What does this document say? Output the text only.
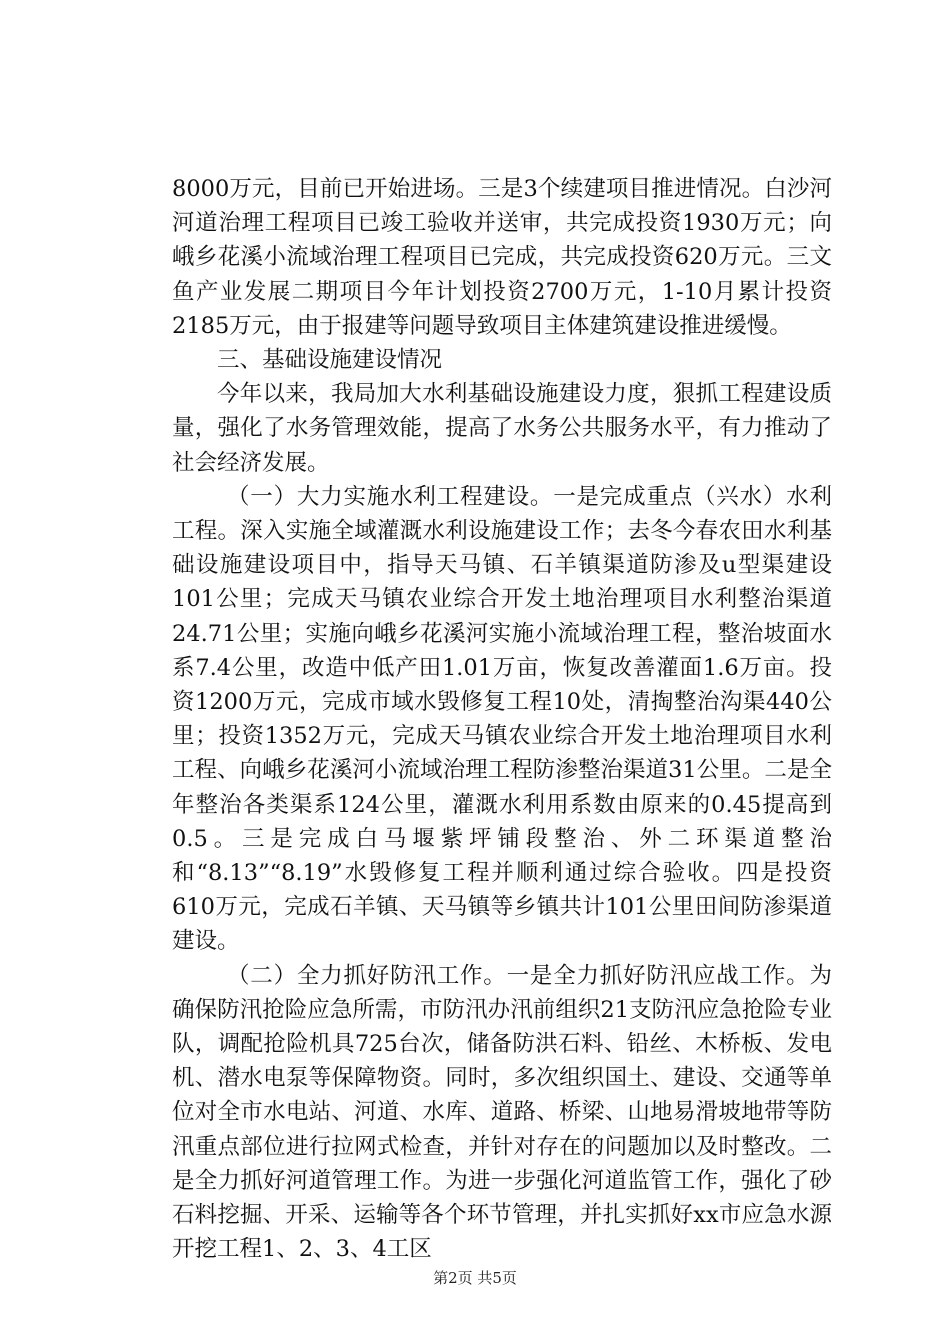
8000万元，目前已开始进场。三是3个续建项目推进情况。白沙河河道治理工程项目已竣工验收并送审，共完成投资1930万元；向峨乡花溪小流域治理工程项目已完成，共完成投资620万元。三文鱼产业发展二期项目今年计划投资2700万元，1-10月累计投资2185万元，由于报建等问题导致项目主体建筑建设推进缓慢。

三、基础设施建设情况

今年以来，我局加大水利基础设施建设力度，狠抓工程建设质量，强化了水务管理效能，提高了水务公共服务水平，有力推动了社会经济发展。

（一）大力实施水利工程建设。一是完成重点（兴水）水利工程。深入实施全域灌溉水利设施建设工作；去冬今春农田水利基础设施建设项目中，指导天马镇、石羊镇渠道防渗及u型渠建设101公里；完成天马镇农业综合开发土地治理项目水利整治渠道24.71公里；实施向峨乡花溪河实施小流域治理工程，整治坡面水系7.4公里，改造中低产田1.01万亩，恢复改善灌面1.6万亩。投资1200万元，完成市域水毁修复工程10处，清掏整治沟渠440公里；投资1352万元，完成天马镇农业综合开发土地治理项目水利工程、向峨乡花溪河小流域治理工程防渗整治渠道31公里。二是全年整治各类渠系124公里，灌溉水利用系数由原来的0.45提高到0.5。三是完成白马堰紫坪铺段整治、外二环渠道整治和“8.13”“8.19”水毁修复工程并顺利通过综合验收。四是投资610万元，完成石羊镇、天马镇等乡镇共计101公里田间防渗渠道建设。

（二）全力抓好防汛工作。一是全力抓好防汛应战工作。为确保防汛抢险应急所需，市防汛办汛前组织21支防汛应急抢险专业队，调配抢险机具725台次，储备防洪石料、铅丝、木桥板、发电机、潜水电泵等保障物资。同时，多次组织国土、建设、交通等单位对全市水电站、河道、水库、道路、桥梁、山地易滑坡地带等防汛重点部位进行拉网式检查，并针对存在的问题加以及时整改。二是全力抓好河道管理工作。为进一步强化河道监管工作，强化了砂石料挖掘、开采、运输等各个环节管理，并扎实抓好xx市应急水源开挖工程1、2、3、4工区

第2页 共5页
